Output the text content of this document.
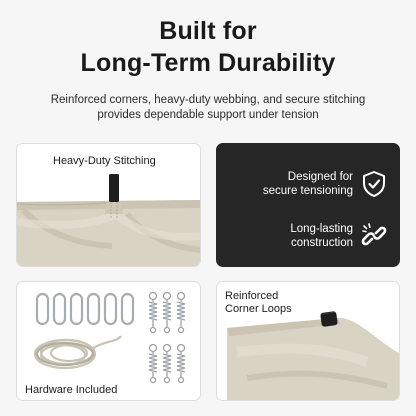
Built for
Long-Term Durability
Reinforced corners, heavy-duty webbing, and secure stitching
provides dependable support under tension
Heavy-Duty Stitching
Designed for
secure tensioning
Long-lasting
construction
Hardware Included
Reinforced
Corner Loops
